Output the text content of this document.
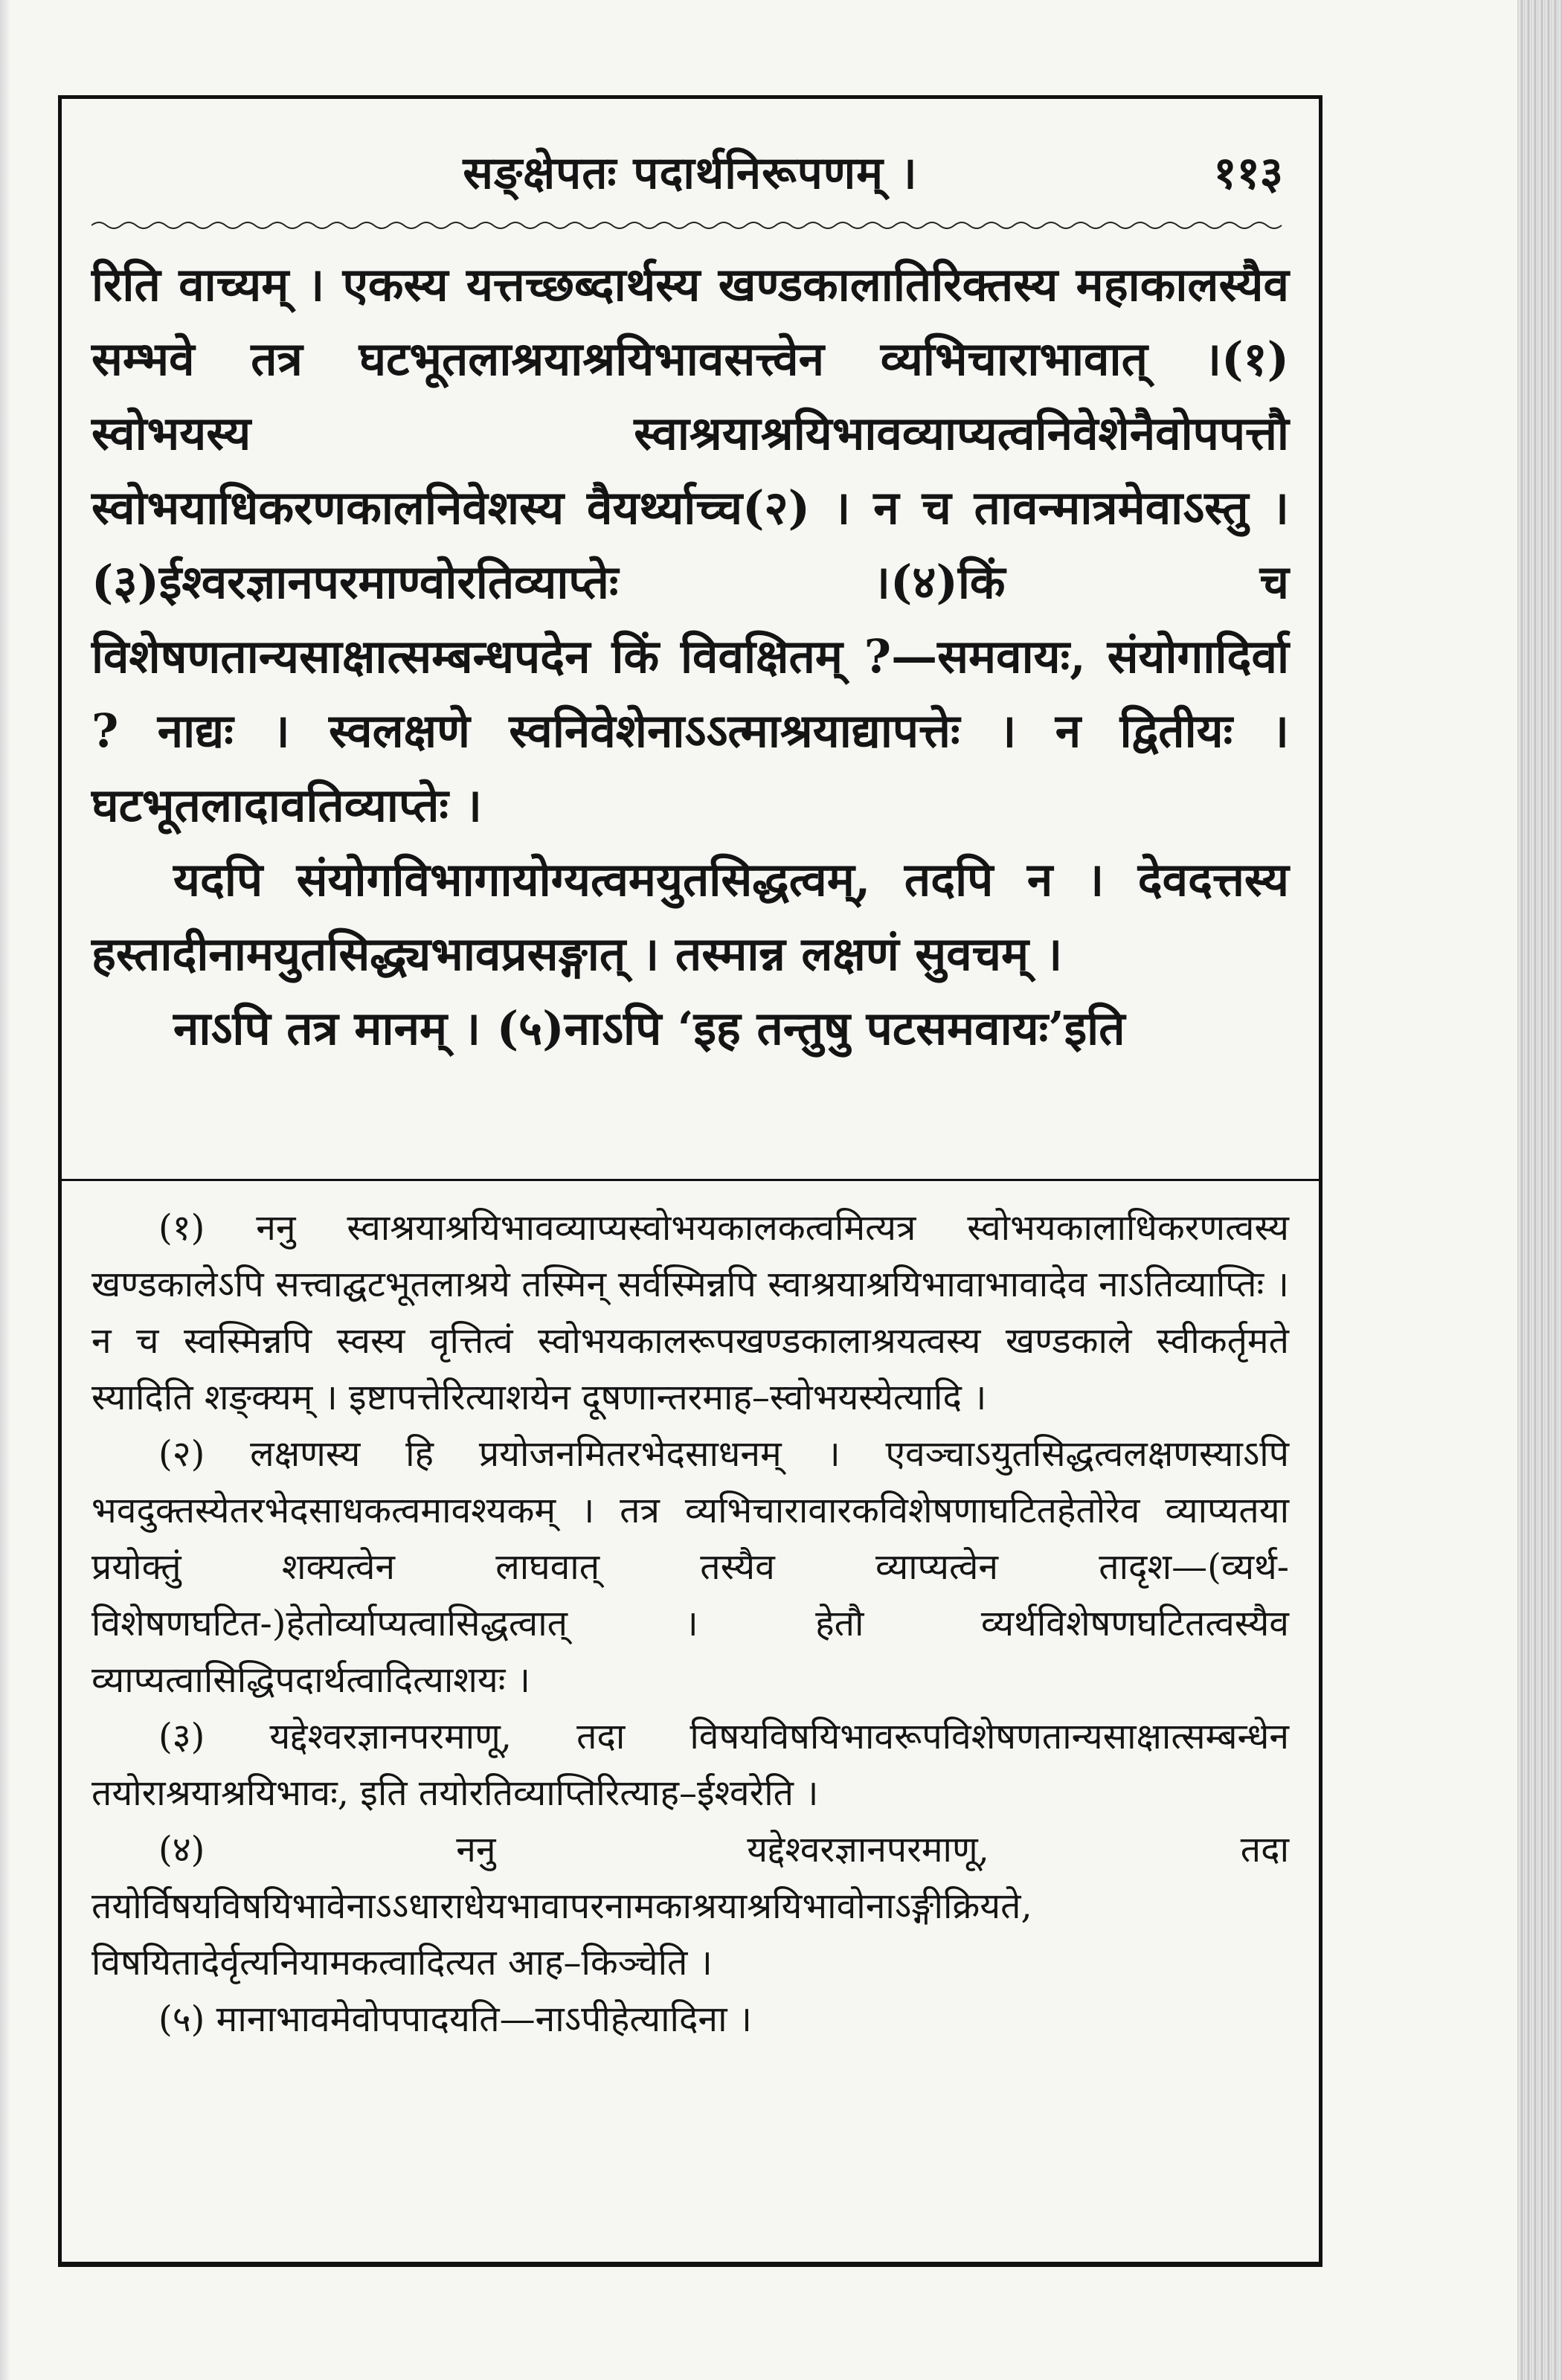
सङ्क्षेपतः पदार्थनिरूपणम् ।	११३

रिति वाच्यम् । एकस्य यत्तच्छब्दार्थस्य खण्डकालातिरिक्तस्य महाकालस्यैव सम्भवे तत्र घटभूतलाश्रयाश्रयिभावसत्त्वेन व्यभिचाराभावात् ।(१) स्वोभयस्य स्वाश्रयाश्रयिभावव्याप्यत्वनिवेशेनैवोपपत्तौ स्वोभयाधिकरणकालनिवेशस्य वैयर्थ्याच्च(२) । न च तावन्मात्रमेवाऽस्तु । (३)ईश्वरज्ञानपरमाण्वोरतिव्याप्तेः ।(४)किं च विशेषणतान्यसाक्षात्सम्बन्धपदेन किं विवक्षितम् ?—समवायः, संयोगादिर्वा ? नाद्यः । स्वलक्षणे स्वनिवेशेनाऽऽत्माश्रयाद्यापत्तेः । न द्वितीयः । घटभूतलादावतिव्याप्तेः ।

यदपि संयोगविभागायोग्यत्वमयुतसिद्धत्वम्, तदपि न । देवदत्तस्य हस्तादीनामयुतसिद्ध्यभावप्रसङ्गात् । तस्मान्न लक्षणं सुवचम् ।

नाऽपि तत्र मानम् । (५)नाऽपि ‘इह तन्तुषु पटसमवायः’इति

(१) ननु स्वाश्रयाश्रयिभावव्याप्यस्वोभयकालकत्वमित्यत्र स्वोभयकालाधिकरणत्वस्य खण्डकालेऽपि सत्त्वाद्घटभूतलाश्रये तस्मिन् सर्वस्मिन्नपि स्वाश्रयाश्रयिभावाभावादेव नाऽतिव्याप्तिः । न च स्वस्मिन्नपि स्वस्य वृत्तित्वं स्वोभयकालरूपखण्डकालाश्रयत्वस्य खण्डकाले स्वीकर्तृमते स्यादिति शङ्क्यम् । इष्टापत्तेरित्याशयेन दूषणान्तरमाह–स्वोभयस्येत्यादि ।

(२) लक्षणस्य हि प्रयोजनमितरभेदसाधनम् । एवञ्चाऽयुतसिद्धत्वलक्षणस्याऽपि भवदुक्तस्येतरभेदसाधकत्वमावश्यकम् । तत्र व्यभिचारावारकविशेषणाघटितहेतोरेव व्याप्यतया प्रयोक्तुं शक्यत्वेन लाघवात् तस्यैव व्याप्यत्वेन तादृश—(व्यर्थ-विशेषणघटित-)हेतोर्व्याप्यत्वासिद्धत्वात् । हेतौ व्यर्थविशेषणघटितत्वस्यैव व्याप्यत्वासिद्धिपदार्थत्वादित्याशयः ।

(३) यद्देश्वरज्ञानपरमाणू, तदा विषयविषयिभावरूपविशेषणतान्यसाक्षात्सम्बन्धेन तयोराश्रयाश्रयिभावः, इति तयोरतिव्याप्तिरित्याह–ईश्वरेति ।

(४) ननु यद्देश्वरज्ञानपरमाणू, तदा तयोर्विषयविषयिभावेनाऽऽधाराधेयभावापरनामकाश्रयाश्रयिभावोनाऽङ्गीक्रियते, विषयितादेर्वृत्यनियामकत्वादित्यत आह–किञ्चेति ।

(५) मानाभावमेवोपपादयति—नाऽपीहेत्यादिना ।
